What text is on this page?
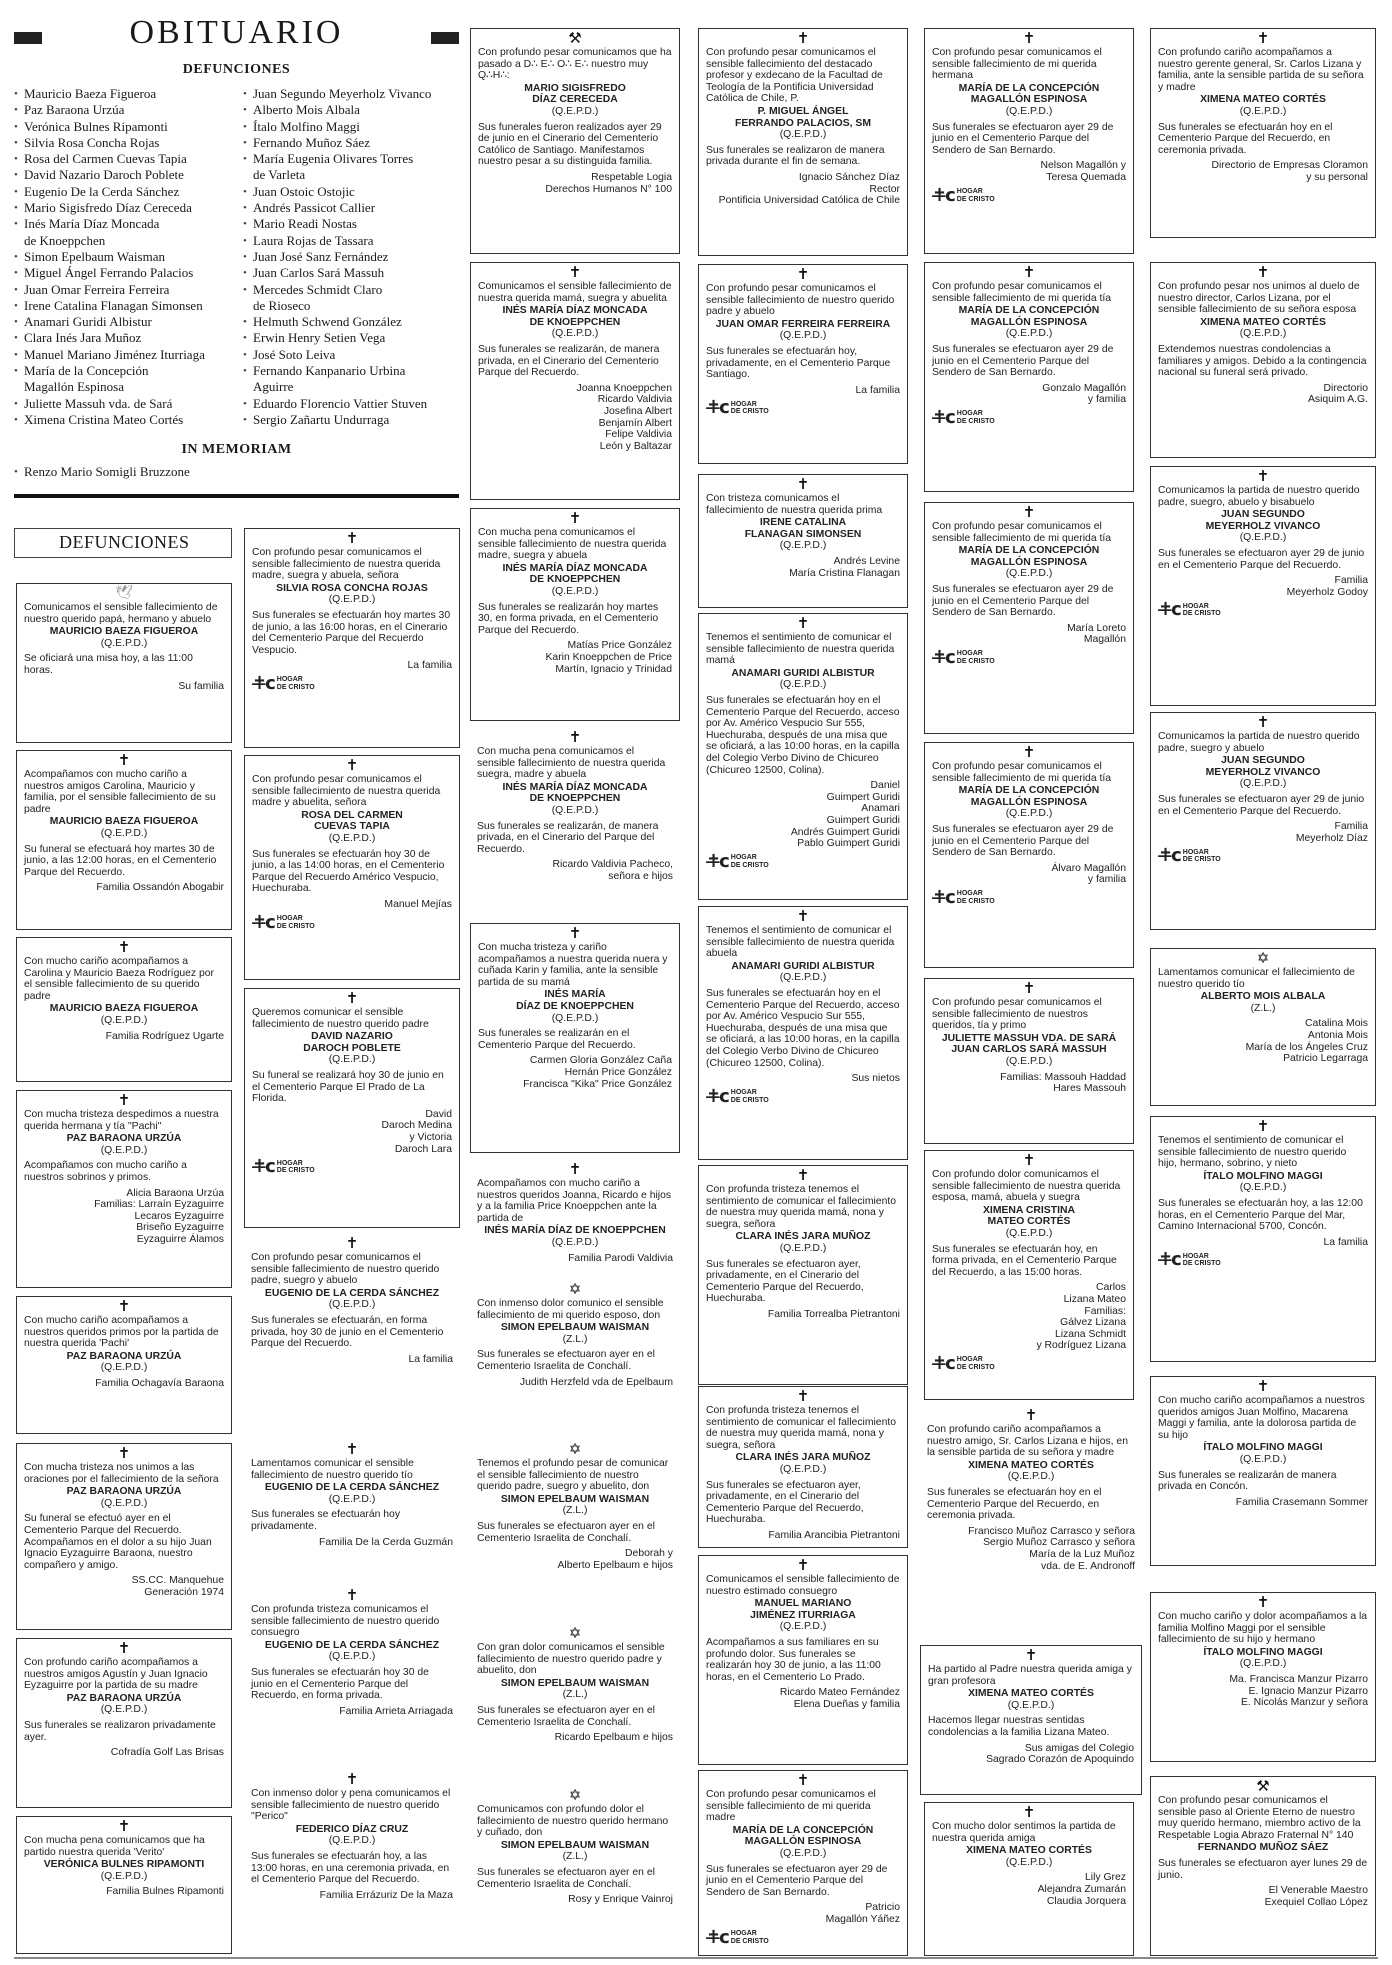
OBITUARIO
DEFUNCIONES
• Mauricio Baeza Figueroa
• Paz Baraona Urzúa
• Verónica Bulnes Ripamonti
• Silvia Rosa Concha Rojas
• Rosa del Carmen Cuevas Tapia
• David Nazario Daroch Poblete
• Eugenio De la Cerda Sánchez
• Mario Sigisfredo Díaz Cereceda
• Inés María Díaz Moncada
de Knoeppchen
• Simon Epelbaum Waisman
• Miguel Ángel Ferrando Palacios
• Juan Omar Ferreira Ferreira
• Irene Catalina Flanagan Simonsen
• Anamari Guridi Albistur
• Clara Inés Jara Muñoz
• Manuel Mariano Jiménez Iturriaga
• María de la Concepción
Magallón Espinosa
• Juliette Massuh vda. de Sará
• Ximena Cristina Mateo Cortés
• Juan Segundo Meyerholz Vivanco
• Alberto Mois Albala
• Ítalo Molfino Maggi
• Fernando Muñoz Sáez
• María Eugenia Olivares Torres
de Varleta
• Juan Ostoic Ostojic
• Andrés Passicot Callier
• Mario Readi Nostas
• Laura Rojas de Tassara
• Juan José Sanz Fernández
• Juan Carlos Sará Massuh
• Mercedes Schmidt Claro
de Rioseco
• Helmuth Schwend González
• Erwin Henry Setien Vega
• José Soto Leiva
• Fernando Kanpanario Urbina
Aguirre
• Eduardo Florencio Vattier Stuven
• Sergio Zañartu Undurraga
IN MEMORIAM
• Renzo Mario Somigli Bruzzone
DEFUNCIONES
🕊
Comunicamos el sensible fallecimiento de nuestro querido papá, hermano y abuelo
MAURICIO BAEZA FIGUEROA
(Q.E.P.D.)
Se oficiará una misa hoy, a las 11:00 horas.
Su familia
✝
Acompañamos con mucho cariño a nuestros amigos Carolina, Mauricio y familia, por el sensible fallecimiento de su padre
MAURICIO BAEZA FIGUEROA
(Q.E.P.D.)
Su funeral se efectuará hoy martes 30 de junio, a las 12:00 horas, en el Cementerio Parque del Recuerdo.
Familia Ossandón Abogabir
✝
Con mucho cariño acompañamos a Carolina y Mauricio Baeza Rodríguez por el sensible fallecimiento de su querido padre
MAURICIO BAEZA FIGUEROA
(Q.E.P.D.)
Familia Rodríguez Ugarte
✝
Con mucha tristeza despedimos a nuestra querida hermana y tía "Pachi"
PAZ BARAONA URZÚA
(Q.E.P.D.)
Acompañamos con mucho cariño a nuestros sobrinos y primos.
Alicia Baraona Urzúa
Familias: Larraín Eyzaguirre
Lecaros Eyzaguirre
Briseño Eyzaguirre
Eyzaguirre Álamos
✝
Con mucho cariño acompañamos a nuestros queridos primos por la partida de nuestra querida 'Pachi'
PAZ BARAONA URZÚA
(Q.E.P.D.)
Familia Ochagavía Baraona
✝
Con mucha tristeza nos unimos a las oraciones por el fallecimiento de la señora
PAZ BARAONA URZÚA
(Q.E.P.D.)
Su funeral se efectuó ayer en el Cementerio Parque del Recuerdo. Acompañamos en el dolor a su hijo Juan Ignacio Eyzaguirre Baraona, nuestro compañero y amigo.
SS.CC. Manquehue
Generación 1974
✝
Con profundo cariño acompañamos a nuestros amigos Agustín y Juan Ignacio Eyzaguirre por la partida de su madre
PAZ BARAONA URZÚA
(Q.E.P.D.)
Sus funerales se realizaron privadamente ayer.
Cofradía Golf Las Brisas
✝
Con mucha pena comunicamos que ha partido nuestra querida 'Verito'
VERÓNICA BULNES RIPAMONTI
(Q.E.P.D.)
Familia Bulnes Ripamonti
✝
Con profundo pesar comunicamos el sensible fallecimiento de nuestra querida madre, suegra y abuela, señora
SILVIA ROSA CONCHA ROJAS
(Q.E.P.D.)
Sus funerales se efectuarán hoy martes 30 de junio, a las 16:00 horas, en el Cinerario del Cementerio Parque del Recuerdo Vespucio.
La familia
✝̶c HOGAR
DE CRISTO
✝
Con profundo pesar comunicamos el sensible fallecimiento de nuestra querida madre y abuelita, señora
ROSA DEL CARMEN
CUEVAS TAPIA
(Q.E.P.D.)
Sus funerales se efectuarán hoy 30 de junio, a las 14:00 horas, en el Cementerio Parque del Recuerdo Américo Vespucio, Huechuraba.
Manuel Mejías
✝̶c HOGAR
DE CRISTO
✝
Queremos comunicar el sensible fallecimiento de nuestro querido padre
DAVID NAZARIO
DAROCH POBLETE
(Q.E.P.D.)
Su funeral se realizará hoy 30 de junio en el Cementerio Parque El Prado de La Florida.
David
Daroch Medina
y Victoria
Daroch Lara
✝̶c HOGAR
DE CRISTO
✝
Con profundo pesar comunicamos el sensible fallecimiento de nuestro querido padre, suegro y abuelo
EUGENIO DE LA CERDA SÁNCHEZ
(Q.E.P.D.)
Sus funerales se efectuarán, en forma privada, hoy 30 de junio en el Cementerio Parque del Recuerdo.
La familia
✝
Lamentamos comunicar el sensible fallecimiento de nuestro querido tío
EUGENIO DE LA CERDA SÁNCHEZ
(Q.E.P.D.)
Sus funerales se efectuarán hoy privadamente.
Familia De la Cerda Guzmán
✝
Con profunda tristeza comunicamos el sensible fallecimiento de nuestro querido consuegro
EUGENIO DE LA CERDA SÁNCHEZ
(Q.E.P.D.)
Sus funerales se efectuarán hoy 30 de junio en el Cementerio Parque del Recuerdo, en forma privada.
Familia Arrieta Arriagada
✝
Con inmenso dolor y pena comunicamos el sensible fallecimiento de nuestro querido "Perico"
FEDERICO DÍAZ CRUZ
(Q.E.P.D.)
Sus funerales se efectuarán hoy, a las 13:00 horas, en una ceremonia privada, en el Cementerio Parque del Recuerdo.
Familia Errázuriz De la Maza
⚒
Con profundo pesar comunicamos que ha pasado a D∴ E∴ O∴ E∴ nuestro muy Q∴H∴:
MARIO SIGISFREDO
DÍAZ CERECEDA
(Q.E.P.D.)
Sus funerales fueron realizados ayer 29 de junio en el Cinerario del Cementerio Católico de Santiago. Manifestamos nuestro pesar a su distinguida familia.
Respetable Logia
Derechos Humanos N° 100
✝
Comunicamos el sensible fallecimiento de nuestra querida mamá, suegra y abuelita
INÉS MARÍA DÍAZ MONCADA
DE KNOEPPCHEN
(Q.E.P.D.)
Sus funerales se realizarán, de manera privada, en el Cinerario del Cementerio Parque del Recuerdo.
Joanna Knoeppchen
Ricardo Valdivia
Josefina Albert
Benjamín Albert
Felipe Valdivia
León y Baltazar
✝
Con mucha pena comunicamos el sensible fallecimiento de nuestra querida madre, suegra y abuela
INÉS MARÍA DÍAZ MONCADA
DE KNOEPPCHEN
(Q.E.P.D.)
Sus funerales se realizarán hoy martes 30, en forma privada, en el Cementerio Parque del Recuerdo.
Matías Price González
Karin Knoeppchen de Price
Martín, Ignacio y Trinidad
✝
Con mucha pena comunicamos el sensible fallecimiento de nuestra querida suegra, madre y abuela
INÉS MARÍA DÍAZ MONCADA
DE KNOEPPCHEN
(Q.E.P.D.)
Sus funerales se realizarán, de manera privada, en el Cinerario del Parque del Recuerdo.
Ricardo Valdivia Pacheco,
señora e hijos
✝
Con mucha tristeza y cariño acompañamos a nuestra querida nuera y cuñada Karin y familia, ante la sensible partida de su mamá
INÉS MARÍA
DÍAZ DE KNOEPPCHEN
(Q.E.P.D.)
Sus funerales se realizarán en el Cementerio Parque del Recuerdo.
Carmen Gloria González Caña
Hernán Price González
Francisca "Kika" Price González
✝
Acompañamos con mucho cariño a nuestros queridos Joanna, Ricardo e hijos y a la familia Price Knoeppchen ante la partida de
INÉS MARÍA DÍAZ DE KNOEPPCHEN
(Q.E.P.D.)
Familia Parodi Valdivia
✡
Con inmenso dolor comunico el sensible fallecimiento de mi querido esposo, don
SIMON EPELBAUM WAISMAN
(Z.L.)
Sus funerales se efectuaron ayer en el Cementerio Israelita de Conchalí.
Judith Herzfeld vda de Epelbaum
✡
Tenemos el profundo pesar de comunicar el sensible fallecimiento de nuestro querido padre, suegro y abuelito, don
SIMON EPELBAUM WAISMAN
(Z.L.)
Sus funerales se efectuaron ayer en el Cementerio Israelita de Conchalí.
Deborah y
Alberto Epelbaum e hijos
✡
Con gran dolor comunicamos el sensible fallecimiento de nuestro querido padre y abuelito, don
SIMON EPELBAUM WAISMAN
(Z.L.)
Sus funerales se efectuaron ayer en el Cementerio Israelita de Conchalí.
Ricardo Epelbaum e hijos
✡
Comunicamos con profundo dolor el fallecimiento de nuestro querido hermano y cuñado, don
SIMON EPELBAUM WAISMAN
(Z.L.)
Sus funerales se efectuaron ayer en el Cementerio Israelita de Conchalí.
Rosy y Enrique Vainroj
✝
Con profundo pesar comunicamos el sensible fallecimiento del destacado profesor y exdecano de la Facultad de Teología de la Pontificia Universidad Católica de Chile, P.
P. MIGUEL ÁNGEL
FERRANDO PALACIOS, SM
(Q.E.P.D.)
Sus funerales se realizaron de manera privada durante el fin de semana.
Ignacio Sánchez Díaz
Rector
Pontificia Universidad Católica de Chile
✝
Con profundo pesar comunicamos el sensible fallecimiento de nuestro querido padre y abuelo
JUAN OMAR FERREIRA FERREIRA
(Q.E.P.D.)
Sus funerales se efectuarán hoy, privadamente, en el Cementerio Parque Santiago.
La familia
✝̶c HOGAR
DE CRISTO
✝
Con tristeza comunicamos el fallecimiento de nuestra querida prima
IRENE CATALINA
FLANAGAN SIMONSEN
(Q.E.P.D.)
Andrés Levine
María Cristina Flanagan
✝
Tenemos el sentimiento de comunicar el sensible fallecimiento de nuestra querida mamá
ANAMARI GURIDI ALBISTUR
(Q.E.P.D.)
Sus funerales se efectuarán hoy en el Cementerio Parque del Recuerdo, acceso por Av. Américo Vespucio Sur 555, Huechuraba, después de una misa que se oficiará, a las 10:00 horas, en la capilla del Colegio Verbo Divino de Chicureo (Chicureo 12500, Colina).
Daniel
Guimpert Guridi
Anamari
Guimpert Guridi
Andrés Guimpert Guridi
Pablo Guimpert Guridi
✝̶c HOGAR
DE CRISTO
✝
Tenemos el sentimiento de comunicar el sensible fallecimiento de nuestra querida abuela
ANAMARI GURIDI ALBISTUR
(Q.E.P.D.)
Sus funerales se efectuarán hoy en el Cementerio Parque del Recuerdo, acceso por Av. Américo Vespucio Sur 555, Huechuraba, después de una misa que se oficiará, a las 10:00 horas, en la capilla del Colegio Verbo Divino de Chicureo (Chicureo 12500, Colina).
Sus nietos
✝̶c HOGAR
DE CRISTO
✝
Con profunda tristeza tenemos el sentimiento de comunicar el fallecimiento de nuestra muy querida mamá, nona y suegra, señora
CLARA INÉS JARA MUÑOZ
(Q.E.P.D.)
Sus funerales se efectuaron ayer, privadamente, en el Cinerario del Cementerio Parque del Recuerdo, Huechuraba.
Familia Torrealba Pietrantoni
✝
Con profunda tristeza tenemos el sentimiento de comunicar el fallecimiento de nuestra muy querida mamá, nona y suegra, señora
CLARA INÉS JARA MUÑOZ
(Q.E.P.D.)
Sus funerales se efectuaron ayer, privadamente, en el Cinerario del Cementerio Parque del Recuerdo, Huechuraba.
Familia Arancibia Pietrantoni
✝
Comunicamos el sensible fallecimiento de nuestro estimado consuegro
MANUEL MARIANO
JIMÉNEZ ITURRIAGA
(Q.E.P.D.)
Acompañamos a sus familiares en su profundo dolor. Sus funerales se realizarán hoy 30 de junio, a las 11:00 horas, en el Cementerio Lo Prado.
Ricardo Mateo Fernández
Elena Dueñas y familia
✝
Con profundo pesar comunicamos el sensible fallecimiento de mi querida madre
MARÍA DE LA CONCEPCIÓN
MAGALLÓN ESPINOSA
(Q.E.P.D.)
Sus funerales se efectuaron ayer 29 de junio en el Cementerio Parque del Sendero de San Bernardo.
Patricio
Magallón Yáñez
✝̶c HOGAR
DE CRISTO
✝
Con profundo pesar comunicamos el sensible fallecimiento de mi querida hermana
MARÍA DE LA CONCEPCIÓN
MAGALLÓN ESPINOSA
(Q.E.P.D.)
Sus funerales se efectuaron ayer 29 de junio en el Cementerio Parque del Sendero de San Bernardo.
Nelson Magallón y
Teresa Quemada
✝̶c HOGAR
DE CRISTO
✝
Con profundo pesar comunicamos el sensible fallecimiento de mi querida tía
MARÍA DE LA CONCEPCIÓN
MAGALLÓN ESPINOSA
(Q.E.P.D.)
Sus funerales se efectuaron ayer 29 de junio en el Cementerio Parque del Sendero de San Bernardo.
Gonzalo Magallón
y familia
✝̶c HOGAR
DE CRISTO
✝
Con profundo pesar comunicamos el sensible fallecimiento de mi querida tía
MARÍA DE LA CONCEPCIÓN
MAGALLÓN ESPINOSA
(Q.E.P.D.)
Sus funerales se efectuaron ayer 29 de junio en el Cementerio Parque del Sendero de San Bernardo.
María Loreto
Magallón
✝̶c HOGAR
DE CRISTO
✝
Con profundo pesar comunicamos el sensible fallecimiento de mi querida tía
MARÍA DE LA CONCEPCIÓN
MAGALLÓN ESPINOSA
(Q.E.P.D.)
Sus funerales se efectuaron ayer 29 de junio en el Cementerio Parque del Sendero de San Bernardo.
Álvaro Magallón
y familia
✝̶c HOGAR
DE CRISTO
✝
Con profundo pesar comunicamos el sensible fallecimiento de nuestros queridos, tía y primo
JULIETTE MASSUH VDA. DE SARÁ
JUAN CARLOS SARÁ MASSUH
(Q.E.P.D.)
Familias: Massouh Haddad
Hares Massouh
✝
Con profundo dolor comunicamos el sensible fallecimiento de nuestra querida esposa, mamá, abuela y suegra
XIMENA CRISTINA
MATEO CORTÉS
(Q.E.P.D.)
Sus funerales se efectuarán hoy, en forma privada, en el Cementerio Parque del Recuerdo, a las 15:00 horas.
Carlos
Lizana Mateo
Familias:
Gálvez Lizana
Lizana Schmidt
y Rodríguez Lizana
✝̶c HOGAR
DE CRISTO
✝
Con profundo cariño acompañamos a nuestro amigo, Sr. Carlos Lizana e hijos, en la sensible partida de su señora y madre
XIMENA MATEO CORTÉS
(Q.E.P.D.)
Sus funerales se efectuarán hoy en el Cementerio Parque del Recuerdo, en ceremonia privada.
Francisco Muñoz Carrasco y señora
Sergio Muñoz Carrasco y señora
María de la Luz Muñoz
vda. de E. Andronoff
✝
Ha partido al Padre nuestra querida amiga y gran profesora
XIMENA MATEO CORTÉS
(Q.E.P.D.)
Hacemos llegar nuestras sentidas condolencias a la familia Lizana Mateo.
Sus amigas del Colegio
Sagrado Corazón de Apoquindo
✝
Con mucho dolor sentimos la partida de nuestra querida amiga
XIMENA MATEO CORTÉS
(Q.E.P.D.)
Lily Grez
Alejandra Zumarán
Claudia Jorquera
✝
Con profundo cariño acompañamos a nuestro gerente general, Sr. Carlos Lizana y familia, ante la sensible partida de su señora y madre
XIMENA MATEO CORTÉS
(Q.E.P.D.)
Sus funerales se efectuarán hoy en el Cementerio Parque del Recuerdo, en ceremonia privada.
Directorio de Empresas Cloramon
y su personal
✝
Con profundo pesar nos unimos al duelo de nuestro director, Carlos Lizana, por el sensible fallecimiento de su señora esposa
XIMENA MATEO CORTÉS
(Q.E.P.D.)
Extendemos nuestras condolencias a familiares y amigos. Debido a la contingencia nacional su funeral será privado.
Directorio
Asiquim A.G.
✝
Comunicamos la partida de nuestro querido padre, suegro, abuelo y bisabuelo
JUAN SEGUNDO
MEYERHOLZ VIVANCO
(Q.E.P.D.)
Sus funerales se efectuaron ayer 29 de junio en el Cementerio Parque del Recuerdo.
Familia
Meyerholz Godoy
✝̶c HOGAR
DE CRISTO
✝
Comunicamos la partida de nuestro querido padre, suegro y abuelo
JUAN SEGUNDO
MEYERHOLZ VIVANCO
(Q.E.P.D.)
Sus funerales se efectuaron ayer 29 de junio en el Cementerio Parque del Recuerdo.
Familia
Meyerholz Díaz
✝̶c HOGAR
DE CRISTO
✡
Lamentamos comunicar el fallecimiento de nuestro querido tío
ALBERTO MOIS ALBALA
(Z.L.)
Catalina Mois
Antonia Mois
María de los Ángeles Cruz
Patricio Legarraga
✝
Tenemos el sentimiento de comunicar el sensible fallecimiento de nuestro querido hijo, hermano, sobrino, y nieto
ÍTALO MOLFINO MAGGI
(Q.E.P.D.)
Sus funerales se efectuarán hoy, a las 12:00 horas, en el Cementerio Parque del Mar, Camino Internacional 5700, Concón.
La familia
✝̶c HOGAR
DE CRISTO
✝
Con mucho cariño acompañamos a nuestros queridos amigos Juan Molfino, Macarena Maggi y familia, ante la dolorosa partida de su hijo
ÍTALO MOLFINO MAGGI
(Q.E.P.D.)
Sus funerales se realizarán de manera privada en Concón.
Familia Crasemann Sommer
✝
Con mucho cariño y dolor acompañamos a la familia Molfino Maggi por el sensible fallecimiento de su hijo y hermano
ÍTALO MOLFINO MAGGI
(Q.E.P.D.)
Ma. Francisca Manzur Pizarro
E. Ignacio Manzur Pizarro
E. Nicolás Manzur y señora
⚒
Con profundo pesar comunicamos el sensible paso al Oriente Eterno de nuestro muy querido hermano, miembro activo de la Respetable Logia Abrazo Fraternal N° 140
FERNANDO MUÑOZ SÁEZ
Sus funerales se efectuaron ayer lunes 29 de junio.
El Venerable Maestro
Exequiel Collao López
